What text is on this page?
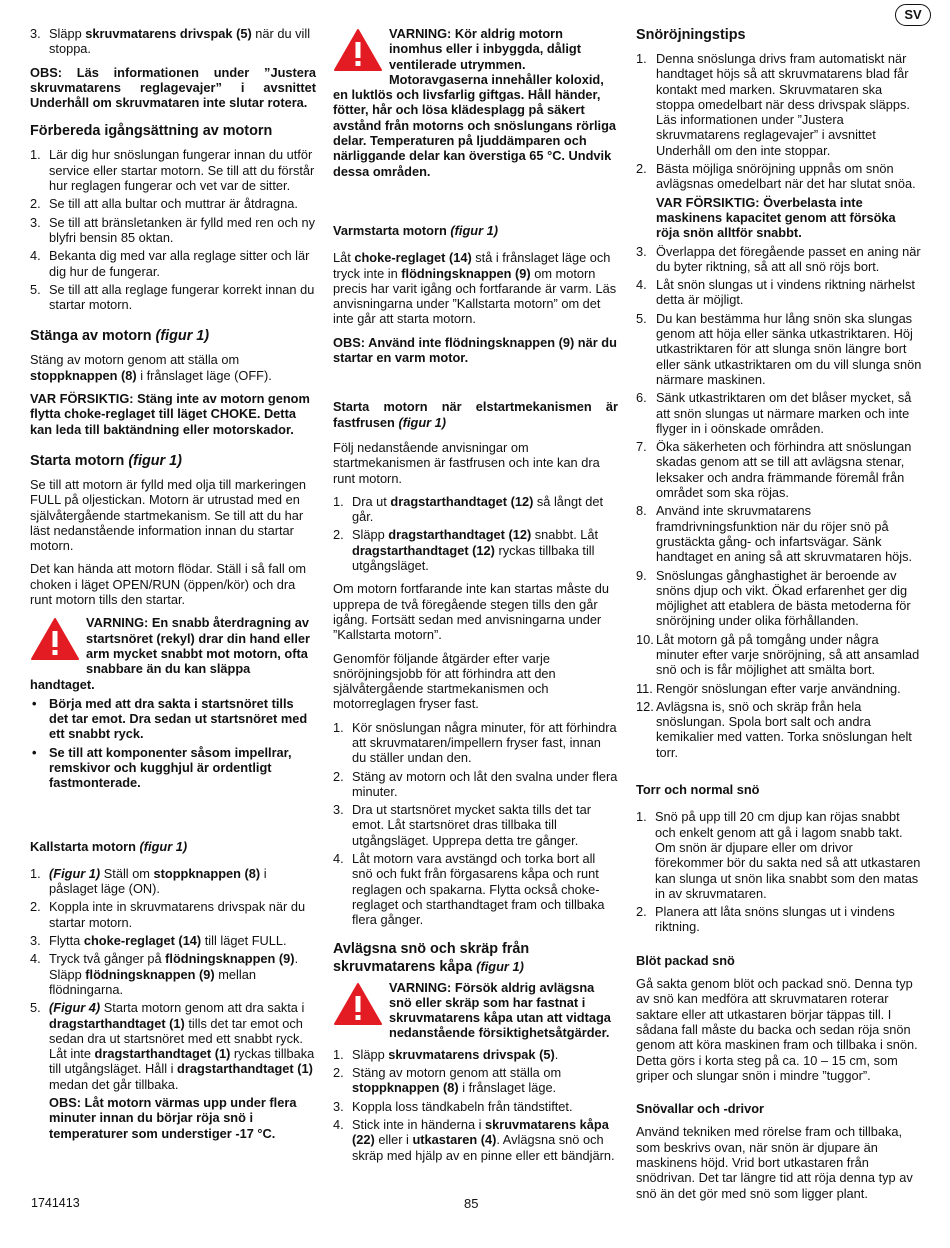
SV
3. Släpp skruvmatarens drivspak (5) när du vill stoppa.

OBS: Läs informationen under ”Justera skruvmatarens reglagevajer” i avsnittet Underhåll om skruvmataren inte slutar rotera.

Förbereda igångsättning av motorn
1. Lär dig hur snöslungan fungerar innan du utför service eller startar motorn. Se till att du förstår hur reglagen fungerar och vet var de sitter.
2. Se till att alla bultar och muttrar är åtdragna.
3. Se till att bränsletanken är fylld med ren och ny blyfri bensin 85 oktan.
4. Bekanta dig med var alla reglage sitter och lär dig hur de fungerar.
5. Se till att alla reglage fungerar korrekt innan du startar motorn.
Stänga av motorn (figur 1)

Stäng av motorn genom att ställa om stoppknappen (8) i frånslaget läge (OFF).

VAR FÖRSIKTIG: Stäng inte av motorn genom flytta choke-reglaget till läget CHOKE. Detta kan leda till baktändning eller motorskador.

Starta motorn (figur 1)

Se till att motorn är fylld med olja till markeringen FULL på oljestickan. Motorn är utrustad med en självåtergående startmekanism. Se till att du har läst nedanstående information innan du startar motorn.

Det kan hända att motorn flödar. Ställ i så fall om choken i läget OPEN/RUN (öppen/kör) och dra runt motorn tills den startar.

VARNING: En snabb återdragning av startsnöret (rekyl) drar din hand eller arm mycket snabbt mot motorn, ofta snabbare än du kan släppa handtaget.
• Börja med att dra sakta i startsnöret tills det tar emot. Dra sedan ut startsnöret med ett snabbt ryck.
• Se till att komponenter såsom impellrar, remskivor och kugghjul är ordentligt fastmonterade.
Kallstarta motorn (figur 1)
1. (Figur 1) Ställ om stoppknappen (8) i påslaget läge (ON).
2. Koppla inte in skruvmatarens drivspak när du startar motorn.
3. Flytta choke-reglaget (14) till läget FULL.
4. Tryck två gånger på flödningsknappen (9). Släpp flödningsknappen (9) mellan flödningarna.
5. (Figur 4) Starta motorn genom att dra sakta i dragstarthandtaget (1) tills det tar emot och sedan dra ut startsnöret med ett snabbt ryck. Låt inte dragstarthandtaget (1) ryckas tillbaka till utgångsläget. Håll i dragstarthandtaget (1) medan det går tillbaka.
OBS: Låt motorn värmas upp under flera minuter innan du börjar röja snö i temperaturer som understiger -17 °C.
VARNING: Kör aldrig motorn inomhus eller i inbyggda, dåligt ventilerade utrymmen. Motoravgaserna innehåller koloxid, en luktlös och livsfarlig giftgas. Håll händer, fötter, hår och lösa klädesplagg på säkert avstånd från motorns och snöslungans rörliga delar. Temperaturen på ljuddämparen och närliggande delar kan överstiga 65 °C. Undvik dessa områden.
Varmstarta motorn (figur 1)

Låt choke-reglaget (14) stå i frånslaget läge och tryck inte in flödningsknappen (9) om motorn precis har varit igång och fortfarande är varm. Läs anvisningarna under ”Kallstarta motorn” om det inte går att starta motorn.

OBS: Använd inte flödningsknappen (9) när du startar en varm motor.

Starta motorn när elstartmekanismen är fastfrusen (figur 1)

Följ nedanstående anvisningar om startmekanismen är fastfrusen och inte kan dra runt motorn.

1. Dra ut dragstarthandtaget (12) så långt det går.
2. Släpp dragstarthandtaget (12) snabbt. Låt dragstarthandtaget (12) ryckas tillbaka till utgångsläget.

Om motorn fortfarande inte kan startas måste du upprepa de två föregående stegen tills den går igång. Fortsätt sedan med anvisningarna under ”Kallstarta motorn”.

Genomför följande åtgärder efter varje snöröjningsjobb för att förhindra att den självåtergående startmekanismen och motorreglagen fryser fast.

1. Kör snöslungan några minuter, för att förhindra att skruvmataren/impellern fryser fast, innan du ställer undan den.
2. Stäng av motorn och låt den svalna under flera minuter.
3. Dra ut startsnöret mycket sakta tills det tar emot. Låt startsnöret dras tillbaka till utgångsläget. Upprepa detta tre gånger.
4. Låt motorn vara avstängd och torka bort all snö och fukt från förgasarens kåpa och runt reglagen och spakarna. Flytta också choke-reglaget och starthandtaget fram och tillbaka flera gånger.
Avlägsna snö och skräp från skruvmatarens kåpa (figur 1)
VARNING: Försök aldrig avlägsna snö eller skräp som har fastnat i skruvmatarens kåpa utan att vidtaga nedanstående försiktighetsåtgärder.
1. Släpp skruvmatarens drivspak (5).
2. Stäng av motorn genom att ställa om stoppknappen (8) i frånslaget läge.
3. Koppla loss tändkabeln från tändstiftet.
4. Stick inte in händerna i skruvmatarens kåpa (22) eller i utkastaren (4). Avlägsna snö och skräp med hjälp av en pinne eller ett bändjärn.
Snöröjningstips
1. Denna snöslunga drivs fram automatiskt när handtaget höjs så att skruvmatarens blad får kontakt med marken. Skruvmataren ska stoppa omedelbart när dess drivspak släpps. Läs informationen under ”Justera skruvmatarens reglagevajer” i avsnittet Underhåll om den inte stoppar.
2. Bästa möjliga snöröjning uppnås om snön avlägsnas omedelbart när det har slutat snöa.
VAR FÖRSIKTIG: Överbelasta inte maskinens kapacitet genom att försöka röja snön alltför snabbt.
3. Överlappa det föregående passet en aning när du byter riktning, så att all snö röjs bort.
4. Låt snön slungas ut i vindens riktning närhelst detta är möjligt.
5. Du kan bestämma hur lång snön ska slungas genom att höja eller sänka utkastriktaren. Höj utkastriktaren för att slunga snön längre bort eller sänk utkastriktaren om du vill slunga snön närmare maskinen.
6. Sänk utkastriktaren om det blåser mycket, så att snön slungas ut närmare marken och inte flyger in i oönskade områden.
7. Öka säkerheten och förhindra att snöslungan skadas genom att se till att avlägsna stenar, leksaker och andra främmande föremål från området som ska röjas.
8. Använd inte skruvmatarens framdrivningsfunktion när du röjer snö på grustäckta gång- och infartsvägar. Sänk handtaget en aning så att skruvmataren höjs.
9. Snöslungas gånghastighet är beroende av snöns djup och vikt. Ökad erfarenhet ger dig möjlighet att etablera de bästa metoderna för snöröjning under olika förhållanden.
10. Låt motorn gå på tomgång under några minuter efter varje snöröjning, så att ansamlad snö och is får möjlighet att smälta bort.
11. Rengör snöslungan efter varje användning.
12. Avlägsna is, snö och skräp från hela snöslungan. Spola bort salt och andra kemikalier med vatten. Torka snöslungan helt torr.
Torr och normal snö
1. Snö på upp till 20 cm djup kan röjas snabbt och enkelt genom att gå i lagom snabb takt. Om snön är djupare eller om drivor förekommer bör du sakta ned så att utkastaren kan slunga ut snön lika snabbt som den matas in av skruvmataren.
2. Planera att låta snöns slungas ut i vindens riktning.
Blöt packad snö

Gå sakta genom blöt och packad snö. Denna typ av snö kan medföra att skruvmataren roterar saktare eller att utkastaren börjar täppas till. I sådana fall måste du backa och sedan röja snön genom att köra maskinen fram och tillbaka i snön. Detta görs i korta steg på ca. 10 – 15 cm, som griper och slungar snön i mindre ”tuggor”.

Snövallar och -drivor

Använd tekniken med rörelse fram och tillbaka, som beskrivs ovan, när snön är djupare än maskinens höjd. Vrid bort utkastaren från snödrivan. Det tar längre tid att röja denna typ av snö än det gör med snö som ligger plant.

1741413	85
